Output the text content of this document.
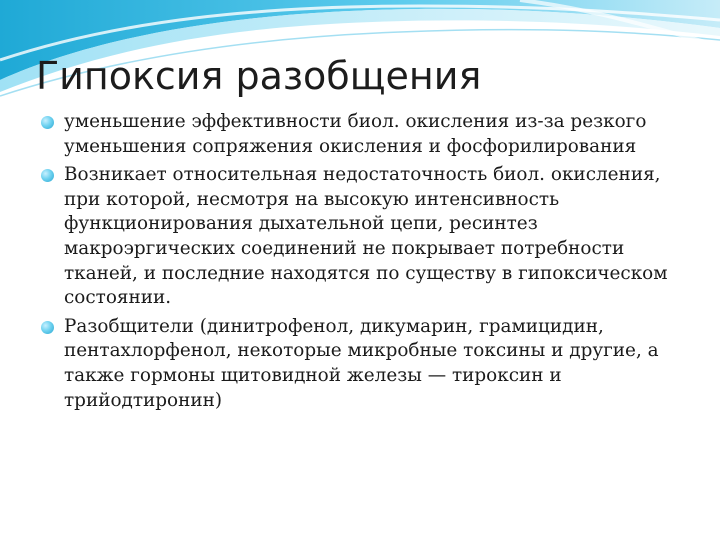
Гипоксия разобщения
уменьшение эффективности биол. окисления из-за резкого уменьшения сопряжения окисления и фосфорилирования
Возникает относительная недостаточность биол. окисления, при которой, несмотря на высокую интенсивность функционирования дыхательной цепи, ресинтез макроэргических соединений не покрывает потребности тканей, и последние находятся по существу в гипоксическом состоянии.
Разобщители (динитрофенол, дикумарин, грамицидин, пентахлорфенол, некоторые микробные токсины и другие, а также гормоны щитовидной железы — тироксин и трийодтиронин)
